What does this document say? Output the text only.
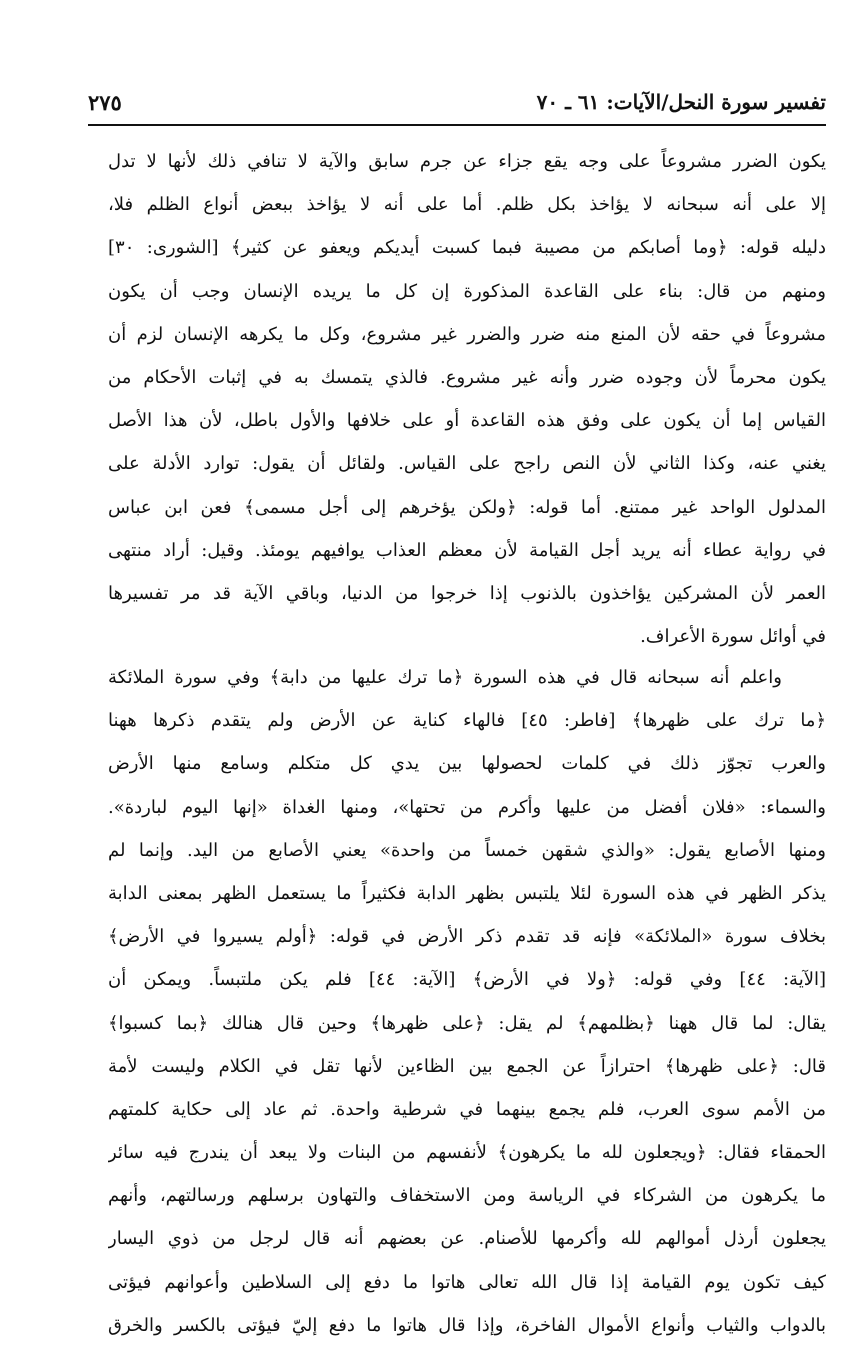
تفسير سورة النحل/الآيات: ٦١ ـ ٧٠
٢٧٥
يكون الضرر مشروعاً على وجه يقع جزاء عن جرم سابق والآية لا تنافي ذلك لأنها لا تدل
إلا على أنه سبحانه لا يؤاخذ بكل ظلم. أما على أنه لا يؤاخذ ببعض أنواع الظلم فلا،
دليله قوله: ﴿وما أصابكم من مصيبة فبما كسبت أيديكم ويعفو عن كثير﴾ [الشورى: ٣٠]
ومنهم من قال: بناء على القاعدة المذكورة إن كل ما يريده الإنسان وجب أن يكون
مشروعاً في حقه لأن المنع منه ضرر والضرر غير مشروع، وكل ما يكرهه الإنسان لزم أن
يكون محرماً لأن وجوده ضرر وأنه غير مشروع. فالذي يتمسك به في إثبات الأحكام من
القياس إما أن يكون على وفق هذه القاعدة أو على خلافها والأول باطل، لأن هذا الأصل
يغني عنه، وكذا الثاني لأن النص راجح على القياس. ولقائل أن يقول: توارد الأدلة على
المدلول الواحد غير ممتنع. أما قوله: ﴿ولكن يؤخرهم إلى أجل مسمى﴾ فعن ابن عباس
في رواية عطاء أنه يريد أجل القيامة لأن معظم العذاب يوافيهم يومئذ. وقيل: أراد منتهى
العمر لأن المشركين يؤاخذون بالذنوب إذا خرجوا من الدنيا، وباقي الآية قد مر تفسيرها
في أوائل سورة الأعراف.
واعلم أنه سبحانه قال في هذه السورة ﴿ما ترك عليها من دابة﴾ وفي سورة الملائكة
﴿ما ترك على ظهرها﴾ [فاطر: ٤٥] فالهاء كناية عن الأرض ولم يتقدم ذكرها ههنا
والعرب تجوّز ذلك في كلمات لحصولها بين يدي كل متكلم وسامع منها الأرض
والسماء: «فلان أفضل من عليها وأكرم من تحتها»، ومنها الغداة «إنها اليوم لباردة».
ومنها الأصابع يقول: «والذي شقهن خمساً من واحدة» يعني الأصابع من اليد. وإنما لم
يذكر الظهر في هذه السورة لئلا يلتبس بظهر الدابة فكثيراً ما يستعمل الظهر بمعنى الدابة
بخلاف سورة «الملائكة» فإنه قد تقدم ذكر الأرض في قوله: ﴿أولم يسيروا في الأرض﴾
[الآية: ٤٤] وفي قوله: ﴿ولا في الأرض﴾ [الآية: ٤٤] فلم يكن ملتبساً. ويمكن أن
يقال: لما قال ههنا ﴿بظلمهم﴾ لم يقل: ﴿على ظهرها﴾ وحين قال هنالك ﴿بما كسبوا﴾
قال: ﴿على ظهرها﴾ احترازاً عن الجمع بين الظاءين لأنها تقل في الكلام وليست لأمة
من الأمم سوى العرب، فلم يجمع بينهما في شرطية واحدة. ثم عاد إلى حكاية كلمتهم
الحمقاء فقال: ﴿ويجعلون لله ما يكرهون﴾ لأنفسهم من البنات ولا يبعد أن يندرج فيه سائر
ما يكرهون من الشركاء في الرياسة ومن الاستخفاف والتهاون برسلهم ورسالتهم، وأنهم
يجعلون أرذل أموالهم لله وأكرمها للأصنام. عن بعضهم أنه قال لرجل من ذوي اليسار
كيف تكون يوم القيامة إذا قال الله تعالى هاتوا ما دفع إلى السلاطين وأعوانهم فيؤتى
بالدواب والثياب وأنواع الأموال الفاخرة، وإذا قال هاتوا ما دفع إليّ فيؤتى بالكسر والخرق
